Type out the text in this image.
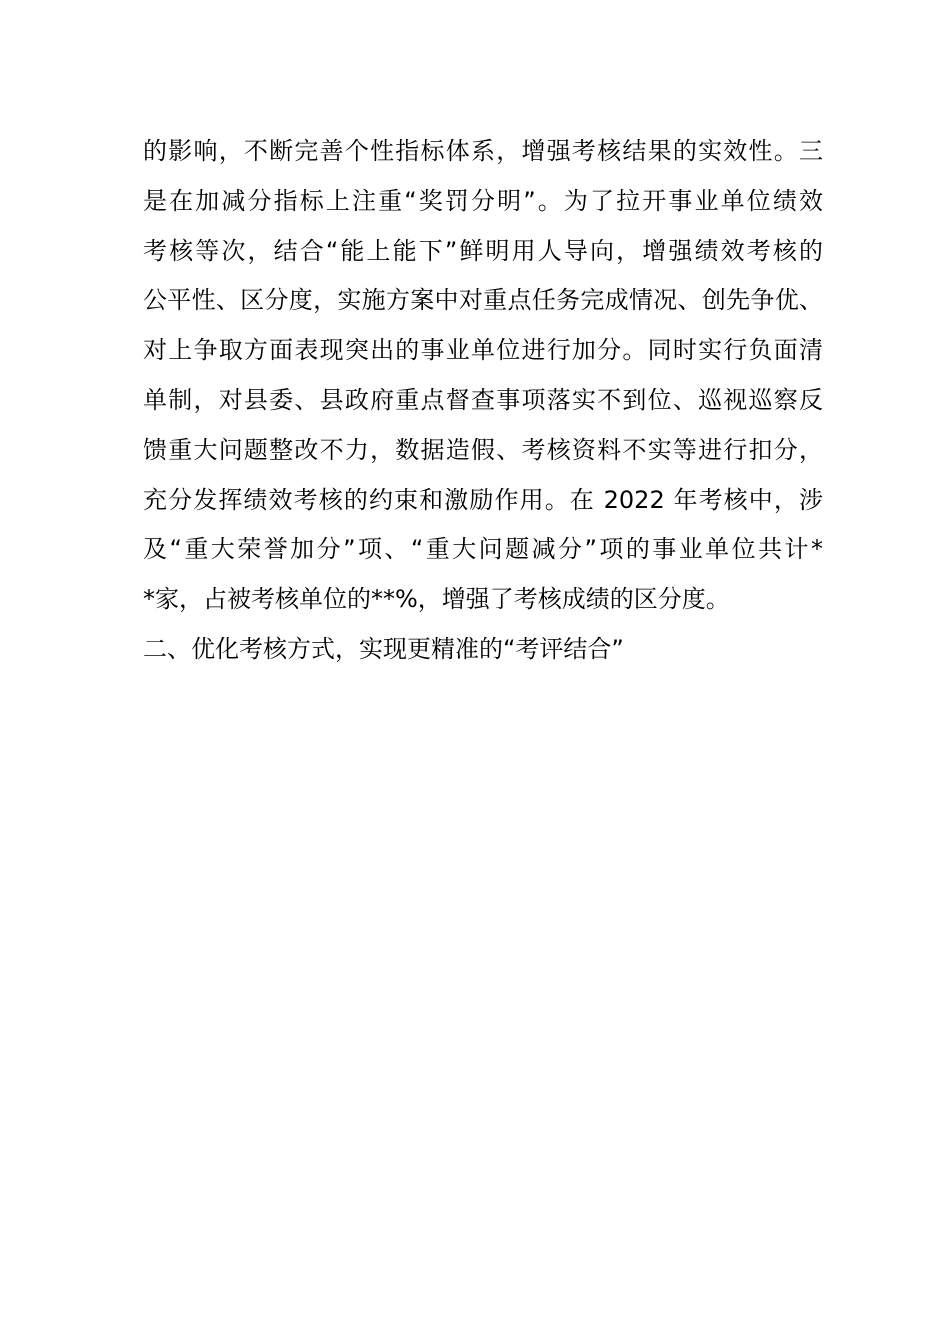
的影响，不断完善个性指标体系，增强考核结果的实效性。三
是在加减分指标上注重“奖罚分明”。为了拉开事业单位绩效
考核等次，结合“能上能下”鲜明用人导向，增强绩效考核的
公平性、区分度，实施方案中对重点任务完成情况、创先争优、
对上争取方面表现突出的事业单位进行加分。同时实行负面清
单制，对县委、县政府重点督查事项落实不到位、巡视巡察反
馈重大问题整改不力，数据造假、考核资料不实等进行扣分，
充分发挥绩效考核的约束和激励作用。在 2022 年考核中，涉
及“重大荣誉加分”项、“重大问题减分”项的事业单位共计*
*家，占被考核单位的**%，增强了考核成绩的区分度。
二、优化考核方式，实现更精准的“考评结合”
